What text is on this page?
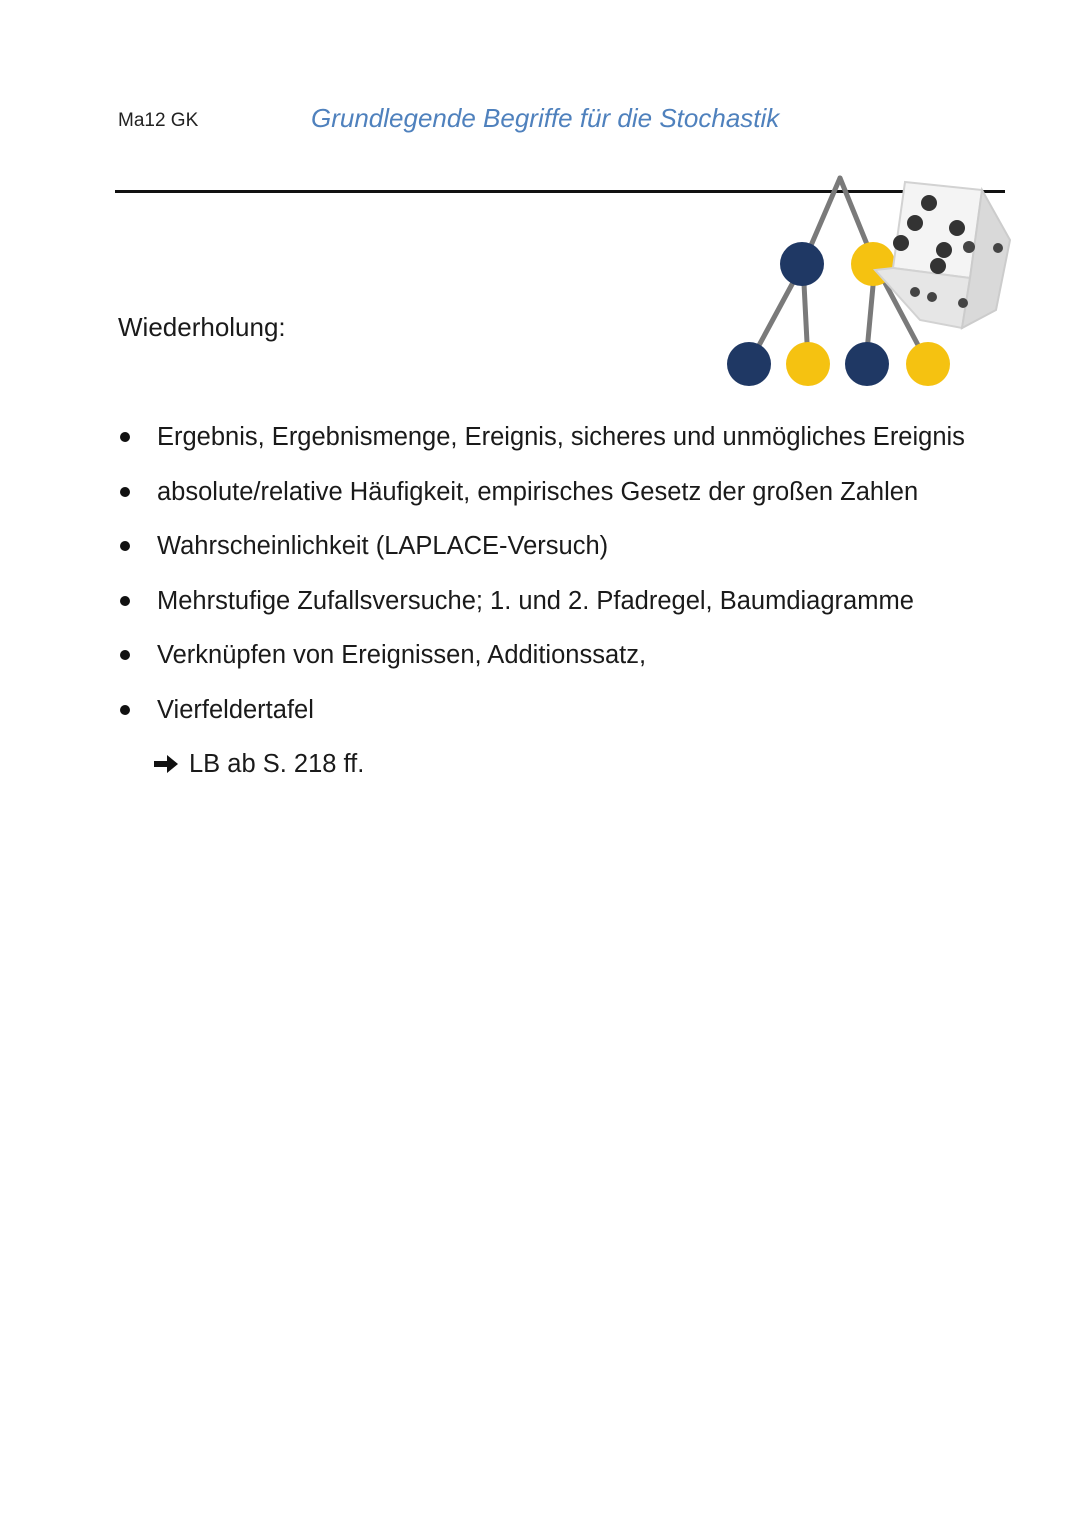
Ma12 GK	Grundlegende Begriffe für die Stochastik
Wiederholung:
Ergebnis, Ergebnismenge, Ereignis, sicheres und unmögliches Ereignis
absolute/relative Häufigkeit, empirisches Gesetz der großen Zahlen
Wahrscheinlichkeit (LAPLACE-Versuch)
Mehrstufige Zufallsversuche; 1. und 2. Pfadregel, Baumdiagramme
Verknüpfen von Ereignissen, Additionssatz,
Vierfeldertafel
LB ab S. 218 ff.
